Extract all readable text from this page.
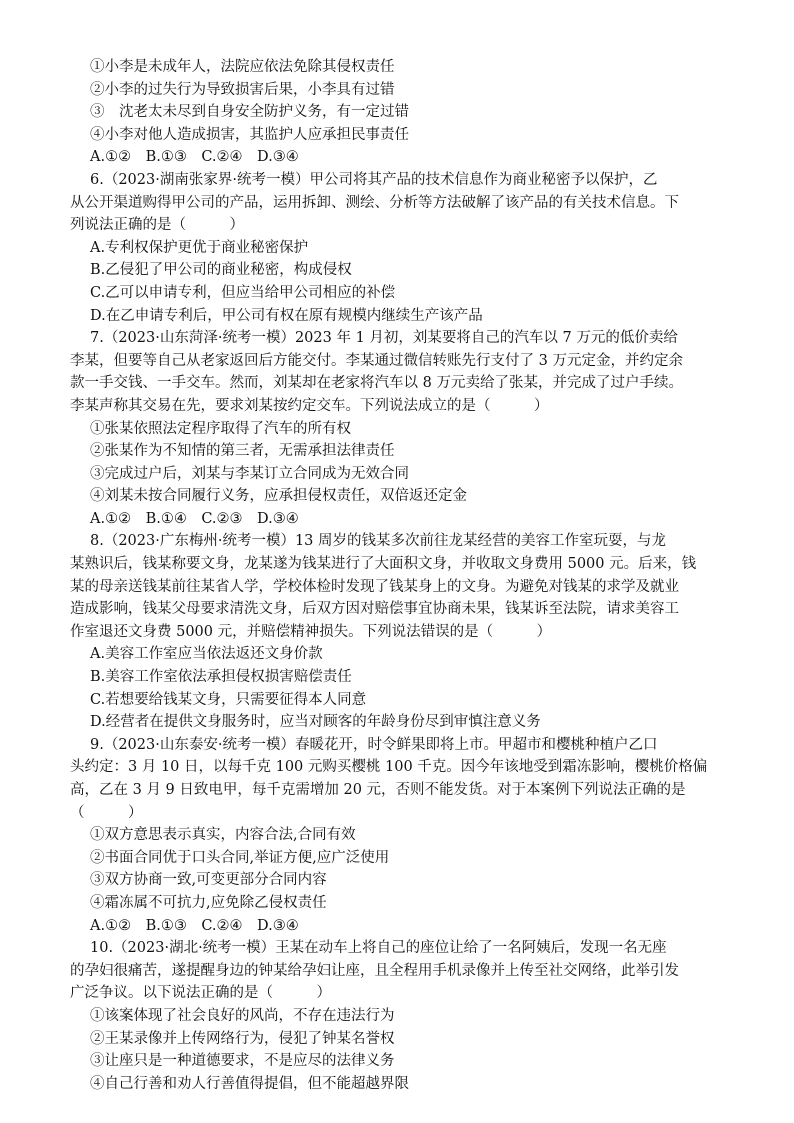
①小李是未成年人，法院应依法免除其侵权责任
②小李的过失行为导致损害后果，小李具有过错
③　沈老太未尽到自身安全防护义务，有一定过错
④小李对他人造成损害，其监护人应承担民事责任
A.①②　B.①③　C.②④　D.③④
6.（2023·湖南张家界·统考一模）甲公司将其产品的技术信息作为商业秘密予以保护，乙
从公开渠道购得甲公司的产品，运用拆卸、测绘、分析等方法破解了该产品的有关技术信息。下
列说法正确的是（　　　）
A.专利权保护更优于商业秘密保护
B.乙侵犯了甲公司的商业秘密，构成侵权
C.乙可以申请专利，但应当给甲公司相应的补偿
D.在乙申请专利后，甲公司有权在原有规模内继续生产该产品
7.（2023·山东菏泽·统考一模）2023 年 1 月初，刘某要将自己的汽车以 7 万元的低价卖给
李某，但要等自己从老家返回后方能交付。李某通过微信转账先行支付了 3 万元定金，并约定余
款一手交钱、一手交车。然而，刘某却在老家将汽车以 8 万元卖给了张某，并完成了过户手续。
李某声称其交易在先，要求刘某按约定交车。下列说法成立的是（　　　）
①张某依照法定程序取得了汽车的所有权
②张某作为不知情的第三者，无需承担法律责任
③完成过户后，刘某与李某订立合同成为无效合同
④刘某未按合同履行义务，应承担侵权责任，双倍返还定金
A.①②　B.①④　C.②③　D.③④
8.（2023·广东梅州·统考一模）13 周岁的钱某多次前往龙某经营的美容工作室玩耍，与龙
某熟识后，钱某称要文身，龙某遂为钱某进行了大面积文身，并收取文身费用 5000 元。后来，钱
某的母亲送钱某前往某省人学，学校体检时发现了钱某身上的文身。为避免对钱某的求学及就业
造成影响，钱某父母要求清洗文身，后双方因对赔偿事宜协商未果，钱某诉至法院，请求美容工
作室退还文身费 5000 元，并赔偿精神损失。下列说法错误的是（　　　）
A.美容工作室应当依法返还文身价款
B.美容工作室依法承担侵权损害赔偿责任
C.若想要给钱某文身，只需要征得本人同意
D.经营者在提供文身服务时，应当对顾客的年龄身份尽到审慎注意义务
9.（2023·山东泰安·统考一模）春暖花开，时令鲜果即将上市。甲超市和樱桃种植户乙口
头约定：3 月 10 日，以每千克 100 元购买樱桃 100 千克。因今年该地受到霜冻影响，樱桃价格偏
高，乙在 3 月 9 日致电甲，每千克需增加 20 元，否则不能发货。对于本案例下列说法正确的是
（　　　）
①双方意思表示真实，内容合法,合同有效
②书面合同优于口头合同,举证方便,应广泛使用
③双方协商一致,可变更部分合同内容
④霜冻属不可抗力,应免除乙侵权责任
A.①②　B.①③　C.②④　D.③④
10.（2023·湖北·统考一模）王某在动车上将自己的座位让给了一名阿姨后，发现一名无座
的孕妇很痛苦，遂提醒身边的钟某给孕妇让座，且全程用手机录像并上传至社交网络，此举引发
广泛争议。以下说法正确的是（　　　）
①该案体现了社会良好的风尚，不存在违法行为
②王某录像并上传网络行为，侵犯了钟某名誉权
③让座只是一种道德要求，不是应尽的法律义务
④自己行善和劝人行善值得提倡，但不能超越界限
